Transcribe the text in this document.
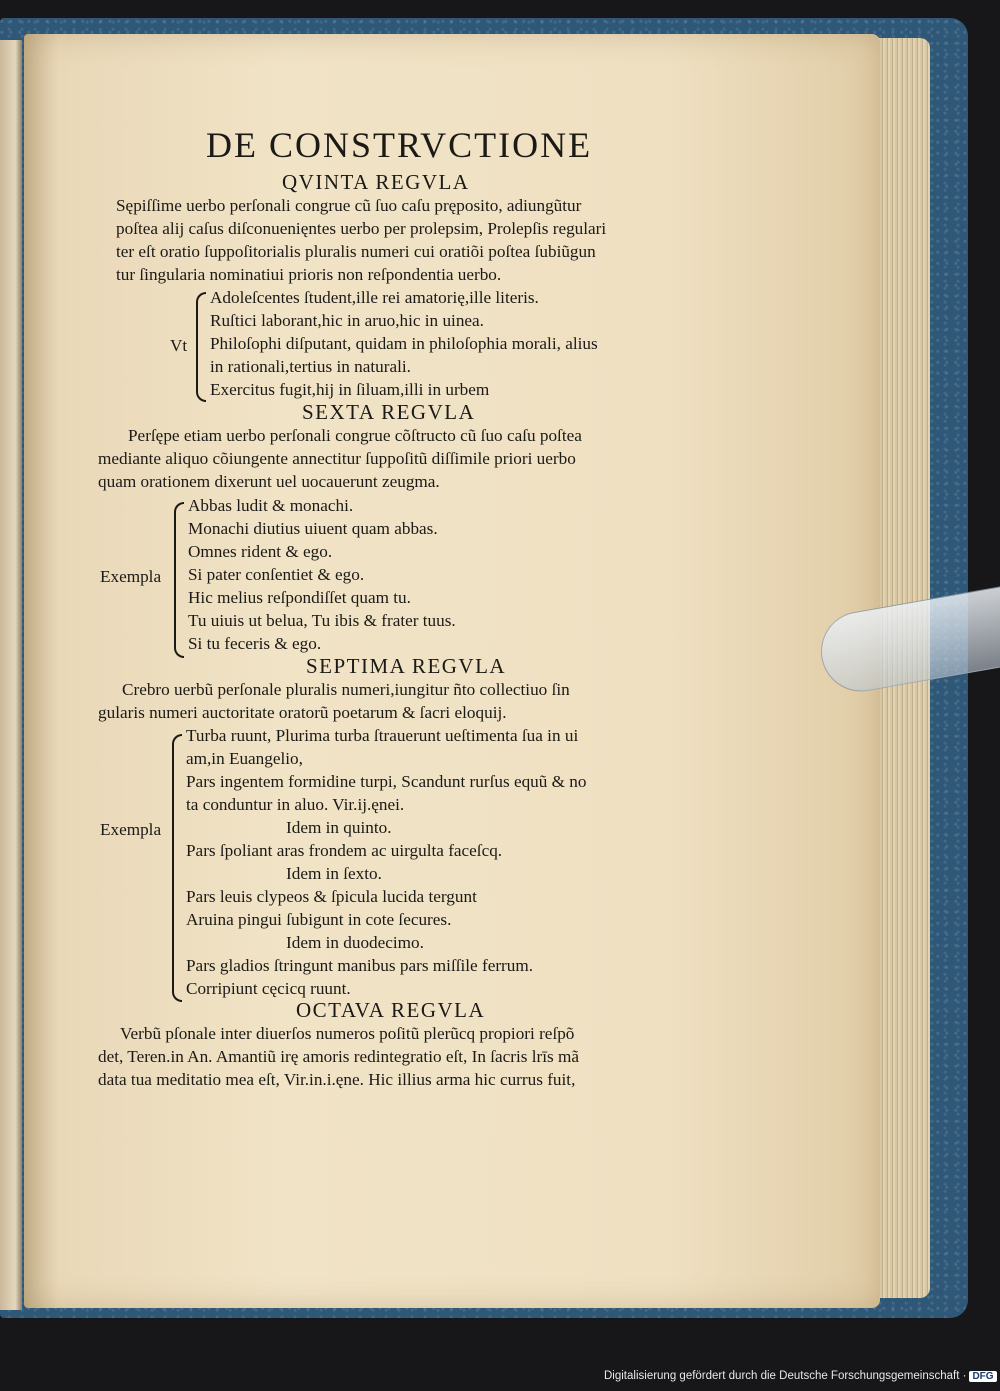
DE CONSTRVCTIONE
QVINTA REGVLA
Sępiſſime uerbo perſonali congrue cũ ſuo caſu pręposito, adiungũtur
poſtea alij caſus diſconuenięntes uerbo per prolepsim, Prolepſis regulari
ter eſt oratio ſuppoſitorialis pluralis numeri cui oratiõi poſtea ſubiũgun
tur ſingularia nominatiui prioris non reſpondentia uerbo.
Vt
Adoleſcentes ſtudent,ille rei amatorię,ille literis.
Ruſtici laborant,hic in aruo,hic in uinea.
Philoſophi diſputant, quidam in philoſophia morali, alius
in rationali,tertius in naturali.
Exercitus fugit,hij in ſiluam,illi in urbem
SEXTA REGVLA
Perſępe etiam uerbo perſonali congrue cõſtructo cũ ſuo caſu poſtea
mediante aliquo cõiungente annectitur ſuppoſitũ diſſimile priori uerbo
quam orationem dixerunt uel uocauerunt zeugma.
Exempla
Abbas ludit & monachi.
Monachi diutius uiuent quam abbas.
Omnes rident & ego.
Si pater conſentiet & ego.
Hic melius reſpondiſſet quam tu.
Tu uiuis ut belua, Tu ibis & frater tuus.
Si tu feceris & ego.
SEPTIMA REGVLA
Crebro uerbũ perſonale pluralis numeri,iungitur ñto collectiuo ſin
gularis numeri auctoritate oratorũ poetarum & ſacri eloquij.
Exempla
Turba ruunt, Plurima turba ſtrauerunt ueſtimenta ſua in ui
am,in Euangelio,
Pars ingentem formidine turpi, Scandunt rurſus equũ & no
ta conduntur in aluo. Vir.ij.ęnei.
Idem in quinto.
Pars ſpoliant aras frondem ac uirgulta faceſcq.
Idem in ſexto.
Pars leuis clypeos & ſpicula lucida tergunt
Aruina pingui ſubigunt in cote ſecures.
Idem in duodecimo.
Pars gladios ſtringunt manibus pars miſſile ferrum.
Corripiunt cęcicq ruunt.
OCTAVA REGVLA
Verbũ pſonale inter diuerſos numeros poſitũ plerũcq propiori reſpõ
det, Teren.in An. Amantiũ irę amoris redintegratio eſt, In ſacris lrīs mã
data tua meditatio mea eſt, Vir.in.i.ęne. Hic illius arma hic currus fuit,
Digitalisierung gefördert durch die Deutsche Forschungsgemeinschaft · DFG
